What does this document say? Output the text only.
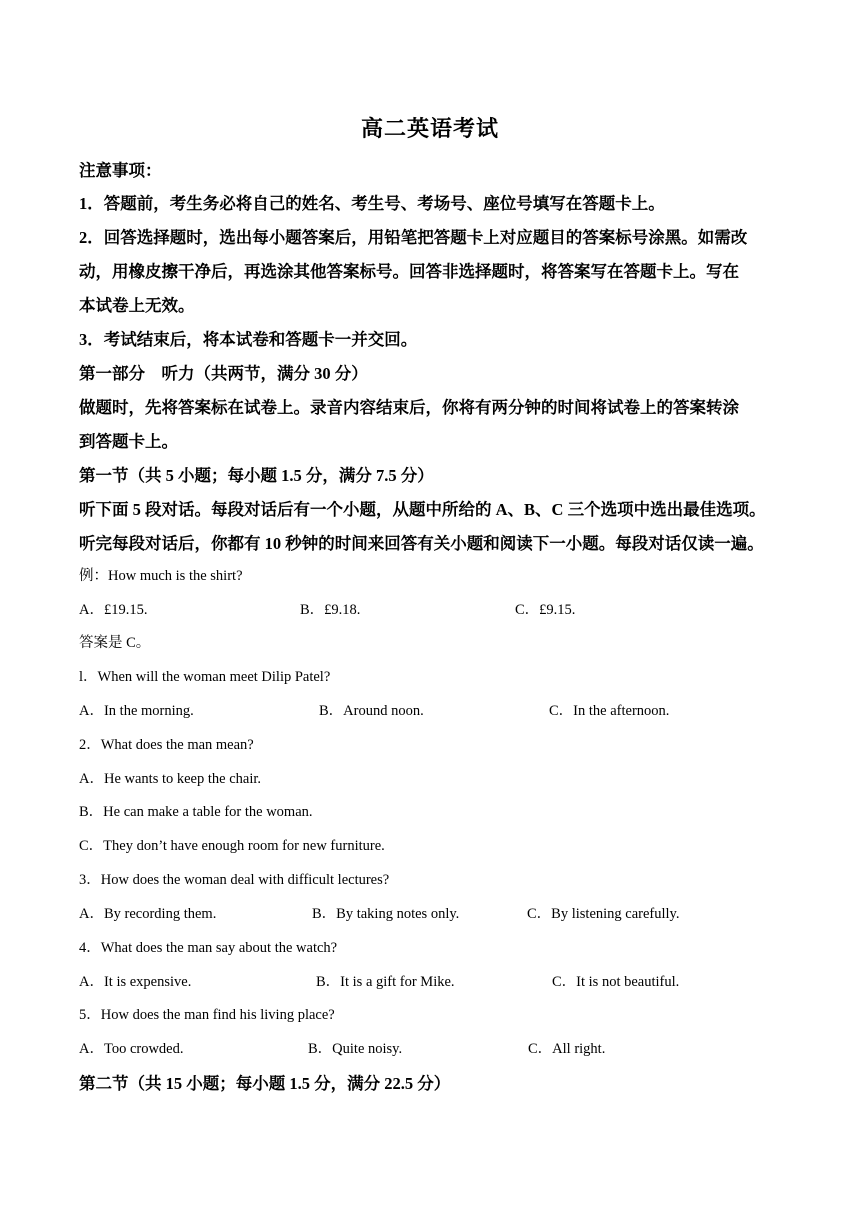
高二英语考试
注意事项：
1．答题前，考生务必将自己的姓名、考生号、考场号、座位号填写在答题卡上。
2．回答选择题时，选出每小题答案后，用铅笔把答题卡上对应题目的答案标号涂黑。如需改
动，用橡皮擦干净后，再选涂其他答案标号。回答非选择题时，将答案写在答题卡上。写在
本试卷上无效。
3．考试结束后，将本试卷和答题卡一并交回。
第一部分　听力（共两节，满分 30 分）
做题时，先将答案标在试卷上。录音内容结束后，你将有两分钟的时间将试卷上的答案转涂
到答题卡上。
第一节（共 5 小题；每小题 1.5 分，满分 7.5 分）
听下面 5 段对话。每段对话后有一个小题，从题中所给的 A、B、C 三个选项中选出最佳选项。
听完每段对话后，你都有 10 秒钟的时间来回答有关小题和阅读下一小题。每段对话仅读一遍。
例：How much is the shirt?
A．£19.15.	B．£9.18.	C．£9.15.
答案是 C。
l．When will the woman meet Dilip Patel?
A．In the morning.	B．Around noon.	C．In the afternoon.
2．What does the man mean?
A．He wants to keep the chair.
B．He can make a table for the woman.
C．They don’t have enough room for new furniture.
3．How does the woman deal with difficult lectures?
A．By recording them.	B．By taking notes only.	C．By listening carefully.
4．What does the man say about the watch?
A．It is expensive.	B．It is a gift for Mike.	C．It is not beautiful.
5．How does the man find his living place?
A．Too crowded.	B．Quite noisy.	C．All right.
第二节（共 15 小题；每小题 1.5 分，满分 22.5 分）
